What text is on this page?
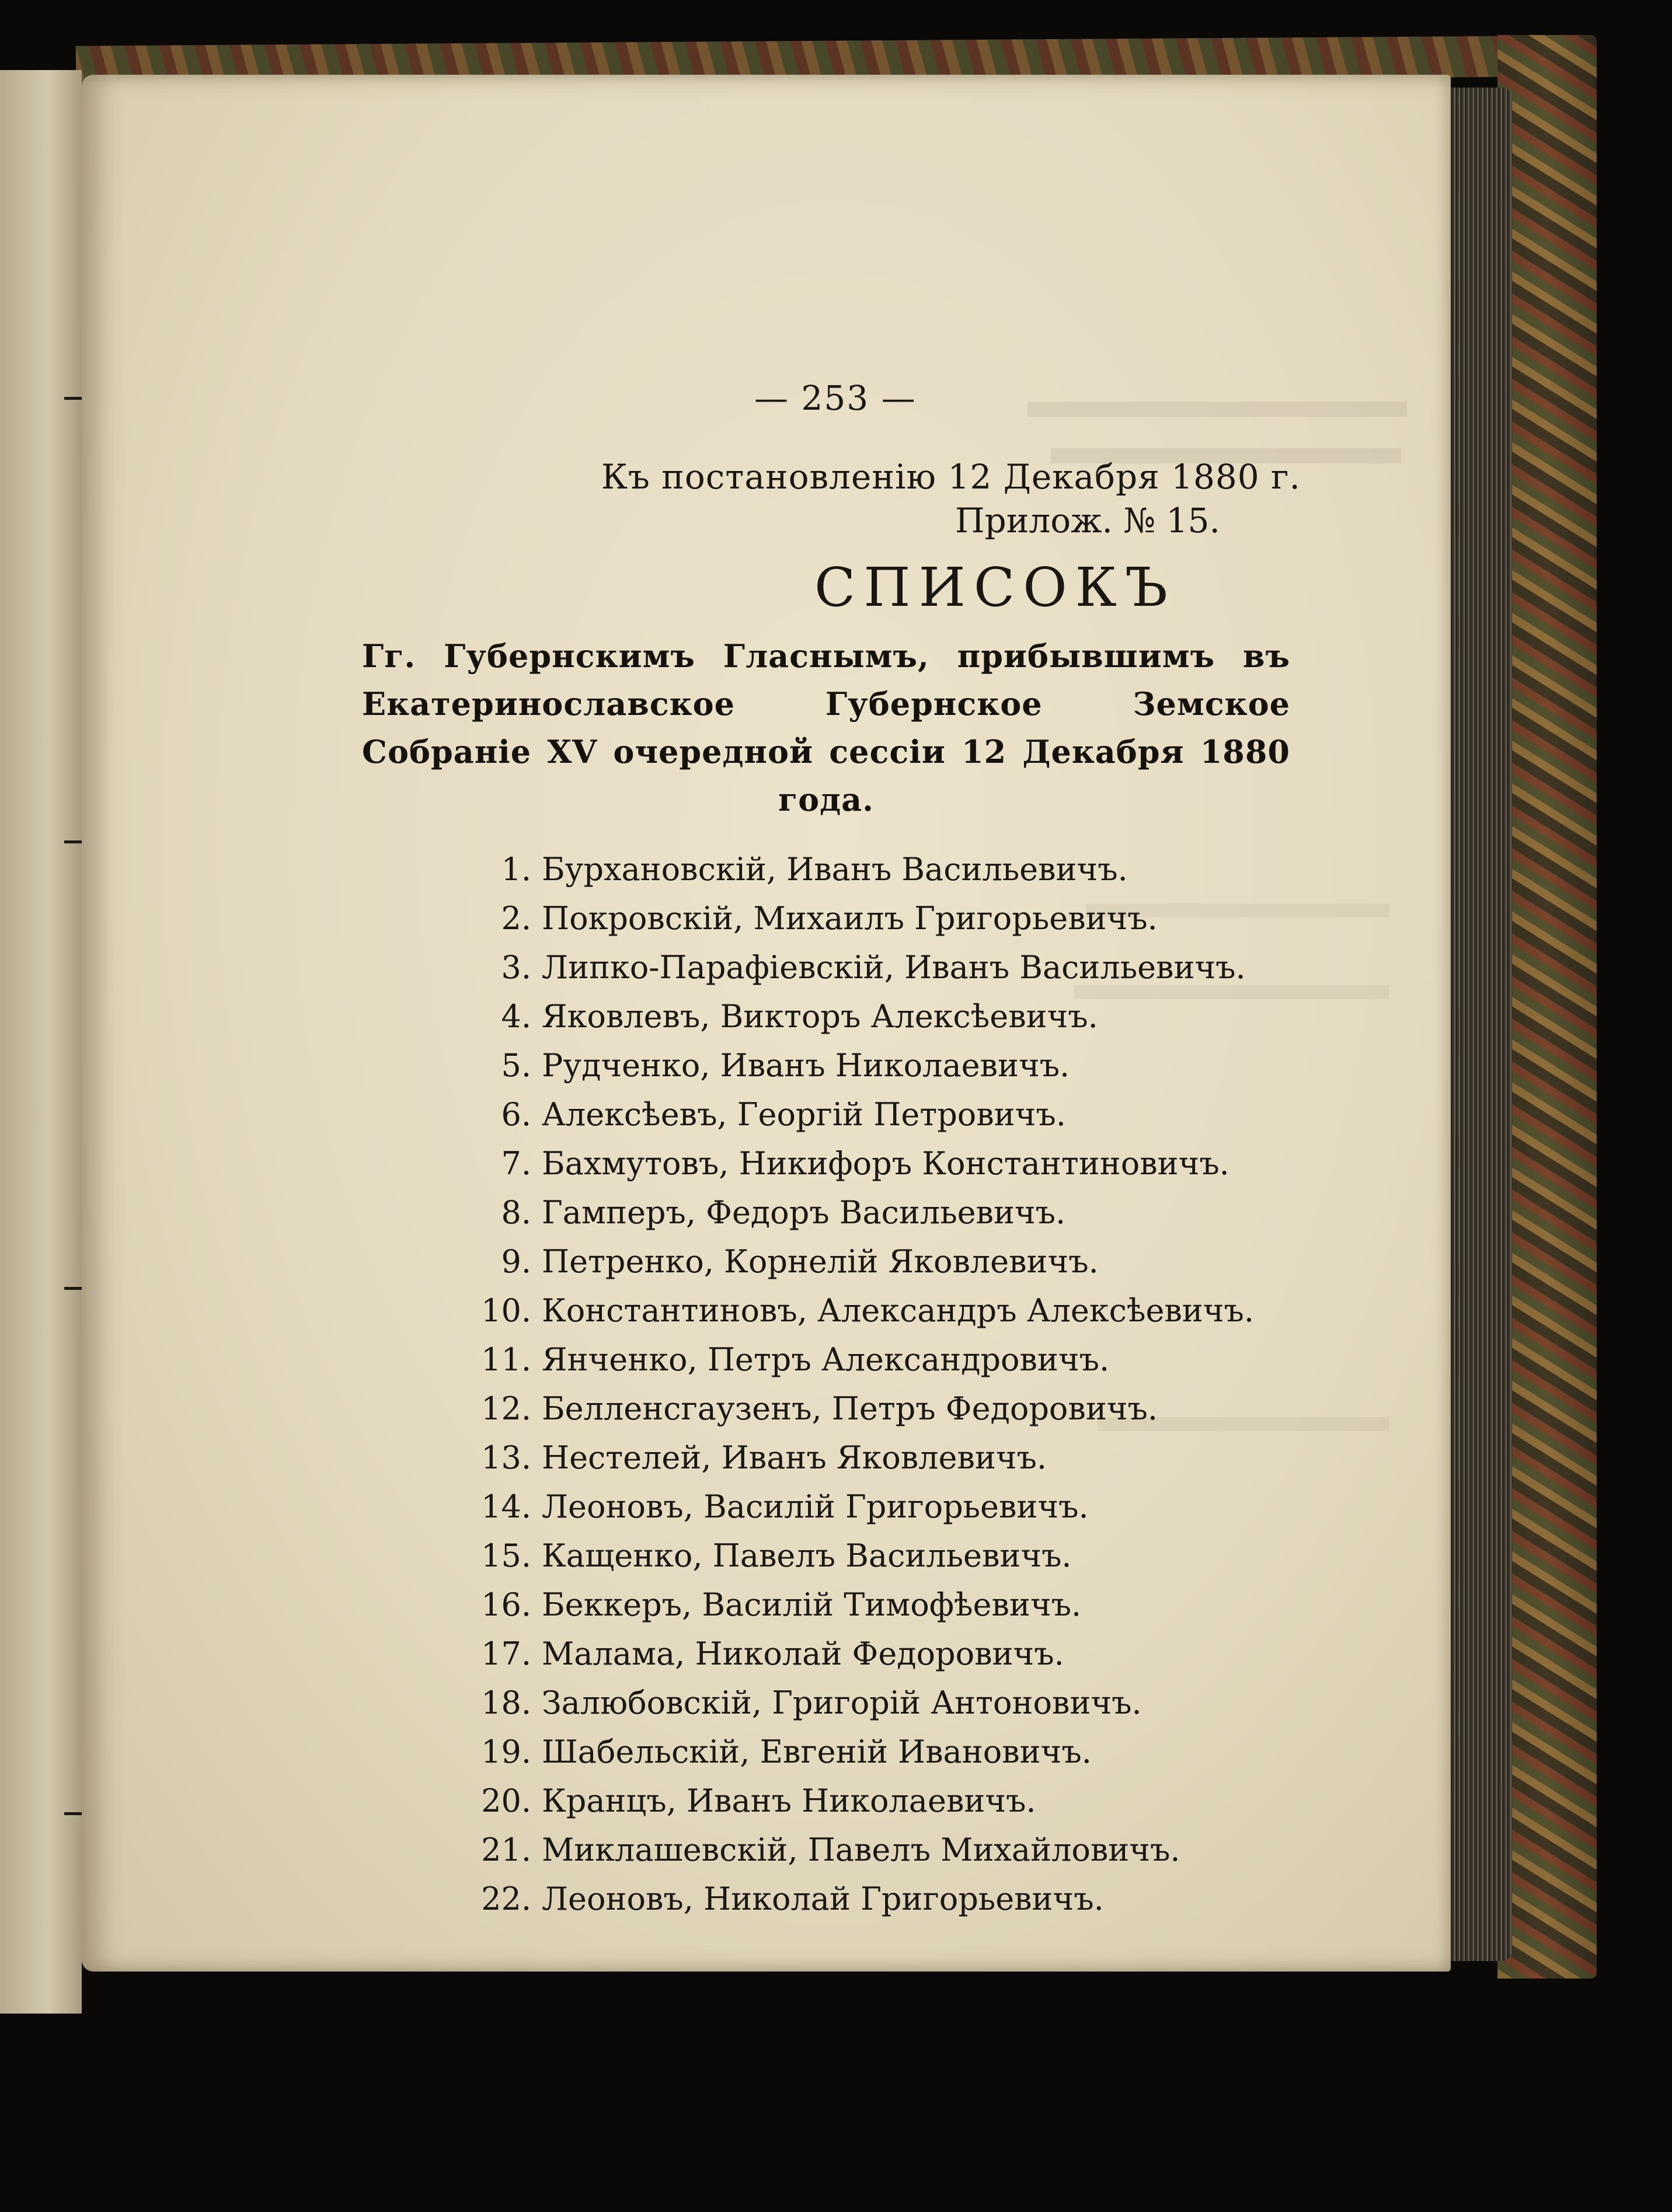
— 253 —
Къ постановленію 12 Декабря 1880 г.
Прилож. № 15.
СПИСОКЪ
Гг. Губернскимъ Гласнымъ, прибывшимъ въ Екатеринославское Губернское Земское Собраніе XV очередной сессіи 12 Декабря 1880 года.
1. Бурхановскій, Иванъ Васильевичъ.
2. Покровскій, Михаилъ Григорьевичъ.
3. Липко-Парафіевскій, Иванъ Васильевичъ.
4. Яковлевъ, Викторъ Алексѣевичъ.
5. Рудченко, Иванъ Николаевичъ.
6. Алексѣевъ, Георгій Петровичъ.
7. Бахмутовъ, Никифоръ Константиновичъ.
8. Гамперъ, Федоръ Васильевичъ.
9. Петренко, Корнелій Яковлевичъ.
10. Константиновъ, Александръ Алексѣевичъ.
11. Янченко, Петръ Александровичъ.
12. Белленсгаузенъ, Петръ Федоровичъ.
13. Нестелей, Иванъ Яковлевичъ.
14. Леоновъ, Василій Григорьевичъ.
15. Кащенко, Павелъ Васильевичъ.
16. Беккеръ, Василій Тимофѣевичъ.
17. Малама, Николай Федоровичъ.
18. Залюбовскій, Григорій Антоновичъ.
19. Шабельскій, Евгеній Ивановичъ.
20. Кранцъ, Иванъ Николаевичъ.
21. Миклашевскій, Павелъ Михайловичъ.
22. Леоновъ, Николай Григорьевичъ.
